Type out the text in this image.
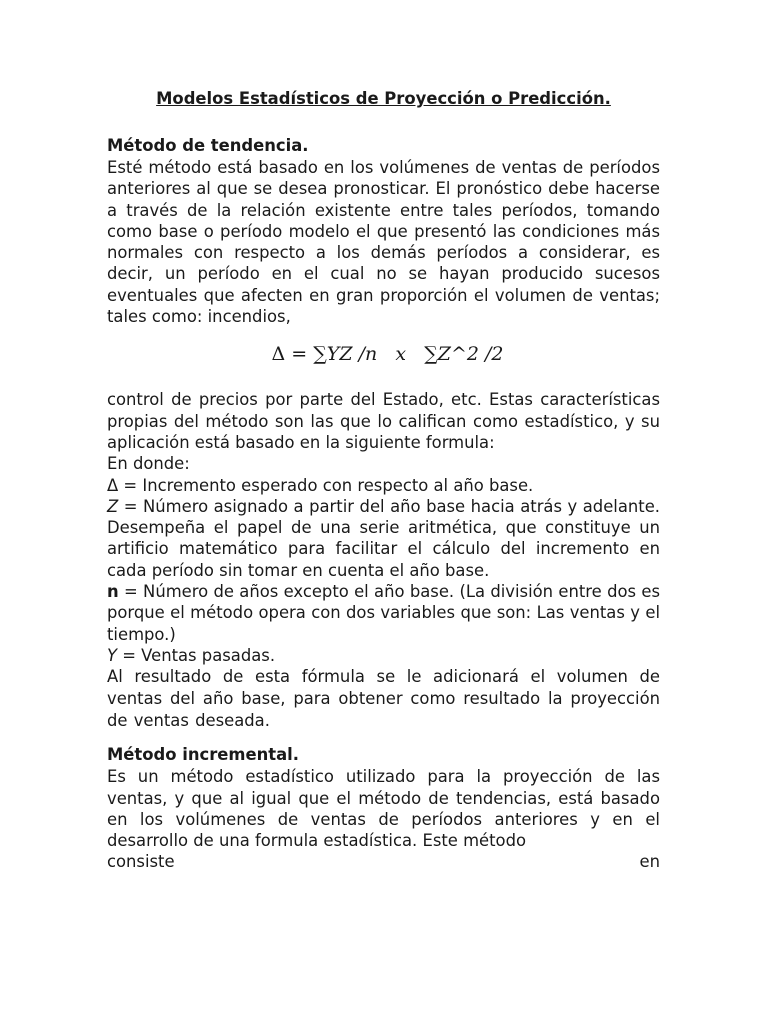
Modelos Estadísticos de Proyección o Predicción.
Método de tendencia.

Esté método está basado en los volúmenes de ventas de períodos anteriores al que se desea pronosticar. El pronóstico debe hacerse a través de la relación existente entre tales períodos, tomando como base o período modelo el que presentó las condiciones más normales con respecto a los demás períodos a considerar, es decir, un período en el cual no se hayan producido sucesos eventuales que afecten en gran proporción el volumen de ventas; tales como: incendios,

Δ = ∑YZ /n x ∑Z^2 /2

control de precios por parte del Estado, etc. Estas características propias del método son las que lo califican como estadístico, y su aplicación está basado en la siguiente formula:

En donde:
Δ = Incremento esperado con respecto al año base.

Z = Número asignado a partir del año base hacia atrás y adelante. Desempeña el papel de una serie aritmética, que constituye un artificio matemático para facilitar el cálculo del incremento en cada período sin tomar en cuenta el año base.

n = Número de años excepto el año base. (La división entre dos es porque el método opera con dos variables que son: Las ventas y el tiempo.)

Y = Ventas pasadas.

Al resultado de esta fórmula se le adicionará el volumen de ventas del año base, para obtener como resultado la proyección de ventas deseada.

Método incremental.

Es un método estadístico utilizado para la proyección de las ventas, y que al igual que el método de tendencias, está basado en los volúmenes de ventas de períodos anteriores y en el desarrollo de una formula estadística. Este método

consiste	en
